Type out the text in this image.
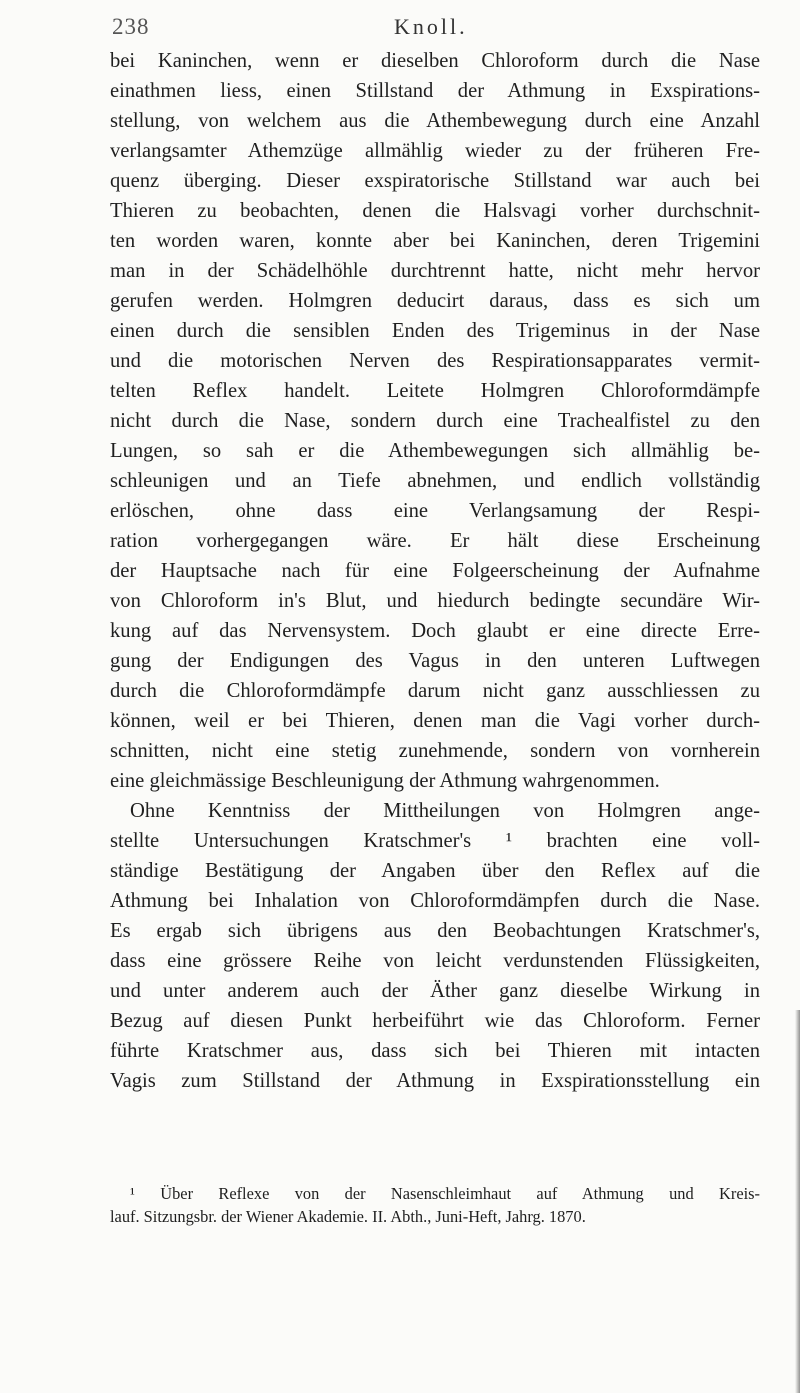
238	Knoll.
bei Kaninchen, wenn er dieselben Chloroform durch die Nase
einathmen liess, einen Stillstand der Athmung in Exspirations-
stellung, von welchem aus die Athembewegung durch eine Anzahl
verlangsamter Athemzüge allmählig wieder zu der früheren Fre-
quenz überging. Dieser exspiratorische Stillstand war auch bei
Thieren zu beobachten, denen die Halsvagi vorher durchschnit-
ten worden waren, konnte aber bei Kaninchen, deren Trigemini
man in der Schädelhöhle durchtrennt hatte, nicht mehr hervor
gerufen werden. Holmgren deducirt daraus, dass es sich um
einen durch die sensiblen Enden des Trigeminus in der Nase
und die motorischen Nerven des Respirationsapparates vermit-
telten Reflex handelt. Leitete Holmgren Chloroformdämpfe
nicht durch die Nase, sondern durch eine Trachealfistel zu den
Lungen, so sah er die Athembewegungen sich allmählig be-
schleunigen und an Tiefe abnehmen, und endlich vollständig
erlöschen, ohne dass eine Verlangsamung der Respi-
ration vorhergegangen wäre. Er hält diese Erscheinung
der Hauptsache nach für eine Folgeerscheinung der Aufnahme
von Chloroform in's Blut, und hiedurch bedingte secundäre Wir-
kung auf das Nervensystem. Doch glaubt er eine directe Erre-
gung der Endigungen des Vagus in den unteren Luftwegen
durch die Chloroformdämpfe darum nicht ganz ausschliessen zu
können, weil er bei Thieren, denen man die Vagi vorher durch-
schnitten, nicht eine stetig zunehmende, sondern von vornherein
eine gleichmässige Beschleunigung der Athmung wahrgenommen.
Ohne Kenntniss der Mittheilungen von Holmgren ange-
stellte Untersuchungen Kratschmer's ¹ brachten eine voll-
ständige Bestätigung der Angaben über den Reflex auf die
Athmung bei Inhalation von Chloroformdämpfen durch die Nase.
Es ergab sich übrigens aus den Beobachtungen Kratschmer's,
dass eine grössere Reihe von leicht verdunstenden Flüssigkeiten,
und unter anderem auch der Äther ganz dieselbe Wirkung in
Bezug auf diesen Punkt herbeiführt wie das Chloroform. Ferner
führte Kratschmer aus, dass sich bei Thieren mit intacten
Vagis zum Stillstand der Athmung in Exspirationsstellung ein
¹ Über Reflexe von der Nasenschleimhaut auf Athmung und Kreis-
lauf. Sitzungsbr. der Wiener Akademie. II. Abth., Juni-Heft, Jahrg. 1870.
